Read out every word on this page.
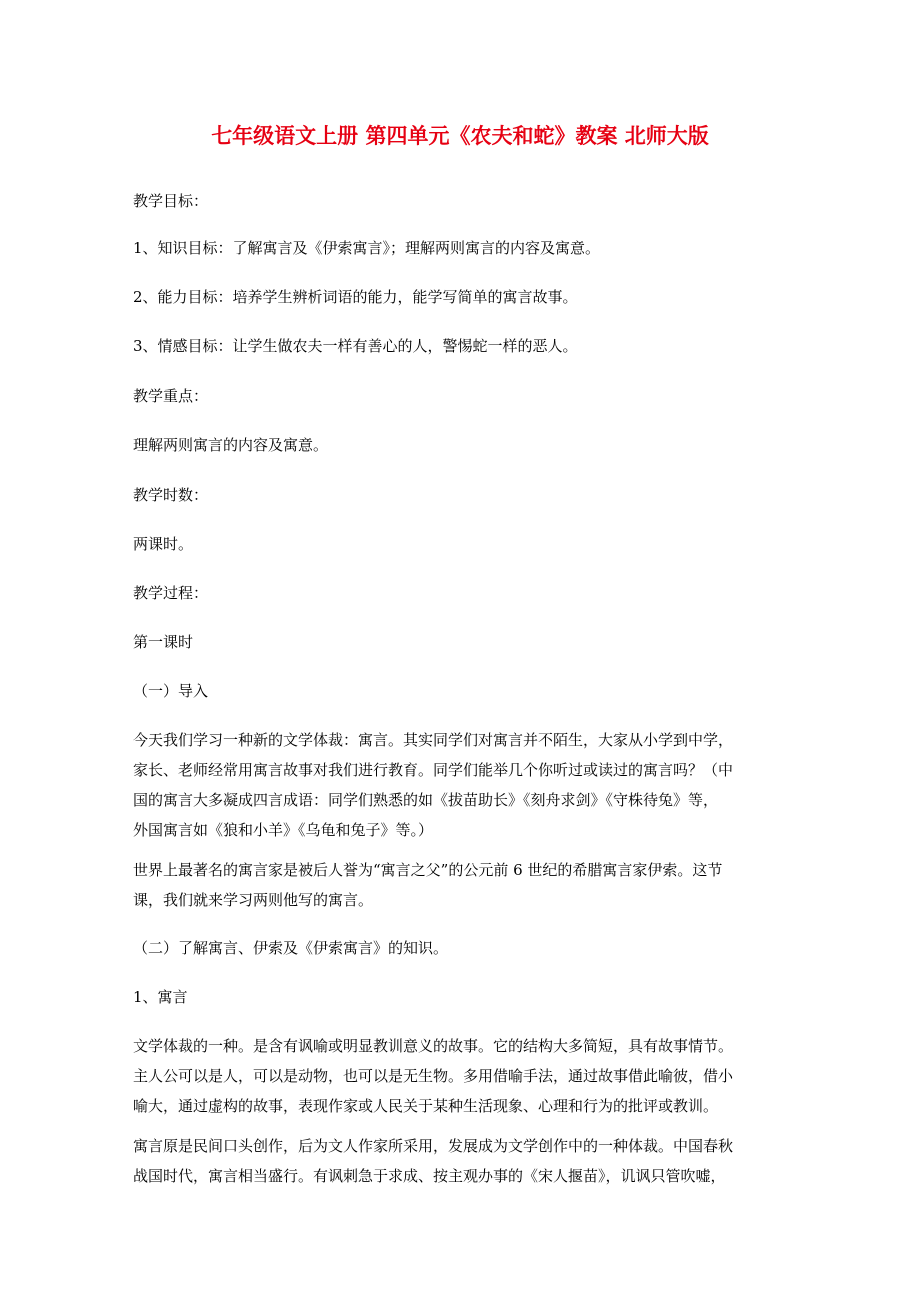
七年级语文上册 第四单元《农夫和蛇》教案 北师大版
教学目标：
1、知识目标：了解寓言及《伊索寓言》；理解两则寓言的内容及寓意。
2、能力目标：培养学生辨析词语的能力，能学写简单的寓言故事。
3、情感目标：让学生做农夫一样有善心的人，警惕蛇一样的恶人。
教学重点：
理解两则寓言的内容及寓意。
教学时数：
两课时。
教学过程：
第一课时
（一）导入
今天我们学习一种新的文学体裁：寓言。其实同学们对寓言并不陌生，大家从小学到中学，
家长、老师经常用寓言故事对我们进行教育。同学们能举几个你听过或读过的寓言吗？（中
国的寓言大多凝成四言成语：同学们熟悉的如《拔苗助长》《刻舟求剑》《守株待兔》等，
外国寓言如《狼和小羊》《乌龟和兔子》等。）
世界上最著名的寓言家是被后人誉为“寓言之父”的公元前 6 世纪的希腊寓言家伊索。这节
课，我们就来学习两则他写的寓言。
（二）了解寓言、伊索及《伊索寓言》的知识。
1、寓言
文学体裁的一种。是含有讽喻或明显教训意义的故事。它的结构大多简短，具有故事情节。
主人公可以是人，可以是动物，也可以是无生物。多用借喻手法，通过故事借此喻彼，借小
喻大，通过虚构的故事，表现作家或人民关于某种生活现象、心理和行为的批评或教训。
寓言原是民间口头创作，后为文人作家所采用，发展成为文学创作中的一种体裁。中国春秋
战国时代，寓言相当盛行。有讽刺急于求成、按主观办事的《宋人揠苗》，讥讽只管吹嘘，
